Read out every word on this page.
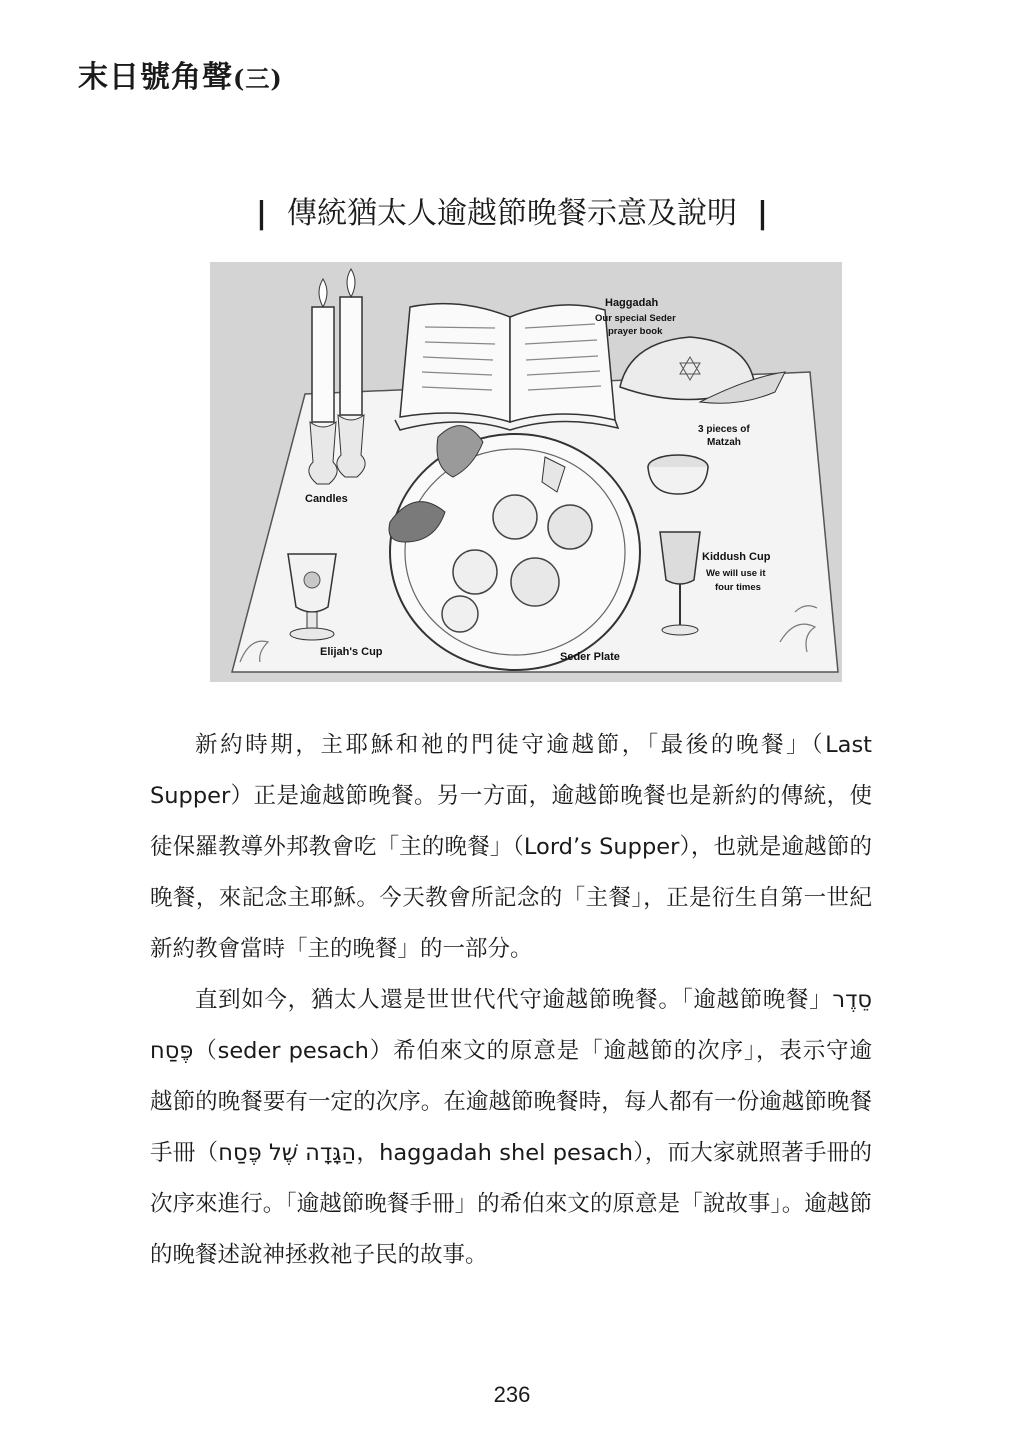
末日號角聲(三)
| 傳統猶太人逾越節晚餐示意及說明 |
Haggadah
Our special Seder
prayer book
3 pieces of
Matzah
Candles
Kiddush Cup
We will use it
four times
Elijah's Cup	Seder Plate

新約時期，主耶穌和祂的門徒守逾越節，「最後的晚餐」（Last Supper）正是逾越節晚餐。另一方面，逾越節晚餐也是新約的傳統，使徒保羅教導外邦教會吃「主的晚餐」（Lord’s Supper），也就是逾越節的晚餐，來記念主耶穌。今天教會所記念的「主餐」，正是衍生自第一世紀新約教會當時「主的晚餐」的一部分。

直到如今，猶太人還是世世代代守逾越節晚餐。「逾越節晚餐」סֵדֶר פֶּסַח（seder pesach）希伯來文的原意是「逾越節的次序」，表示守逾越節的晚餐要有一定的次序。在逾越節晚餐時，每人都有一份逾越節晚餐手冊（הַגָּדָה שֶׁל פֶּסַח，haggadah shel pesach），而大家就照著手冊的次序來進行。「逾越節晚餐手冊」的希伯來文的原意是「說故事」。逾越節的晚餐述說神拯救祂子民的故事。

236
